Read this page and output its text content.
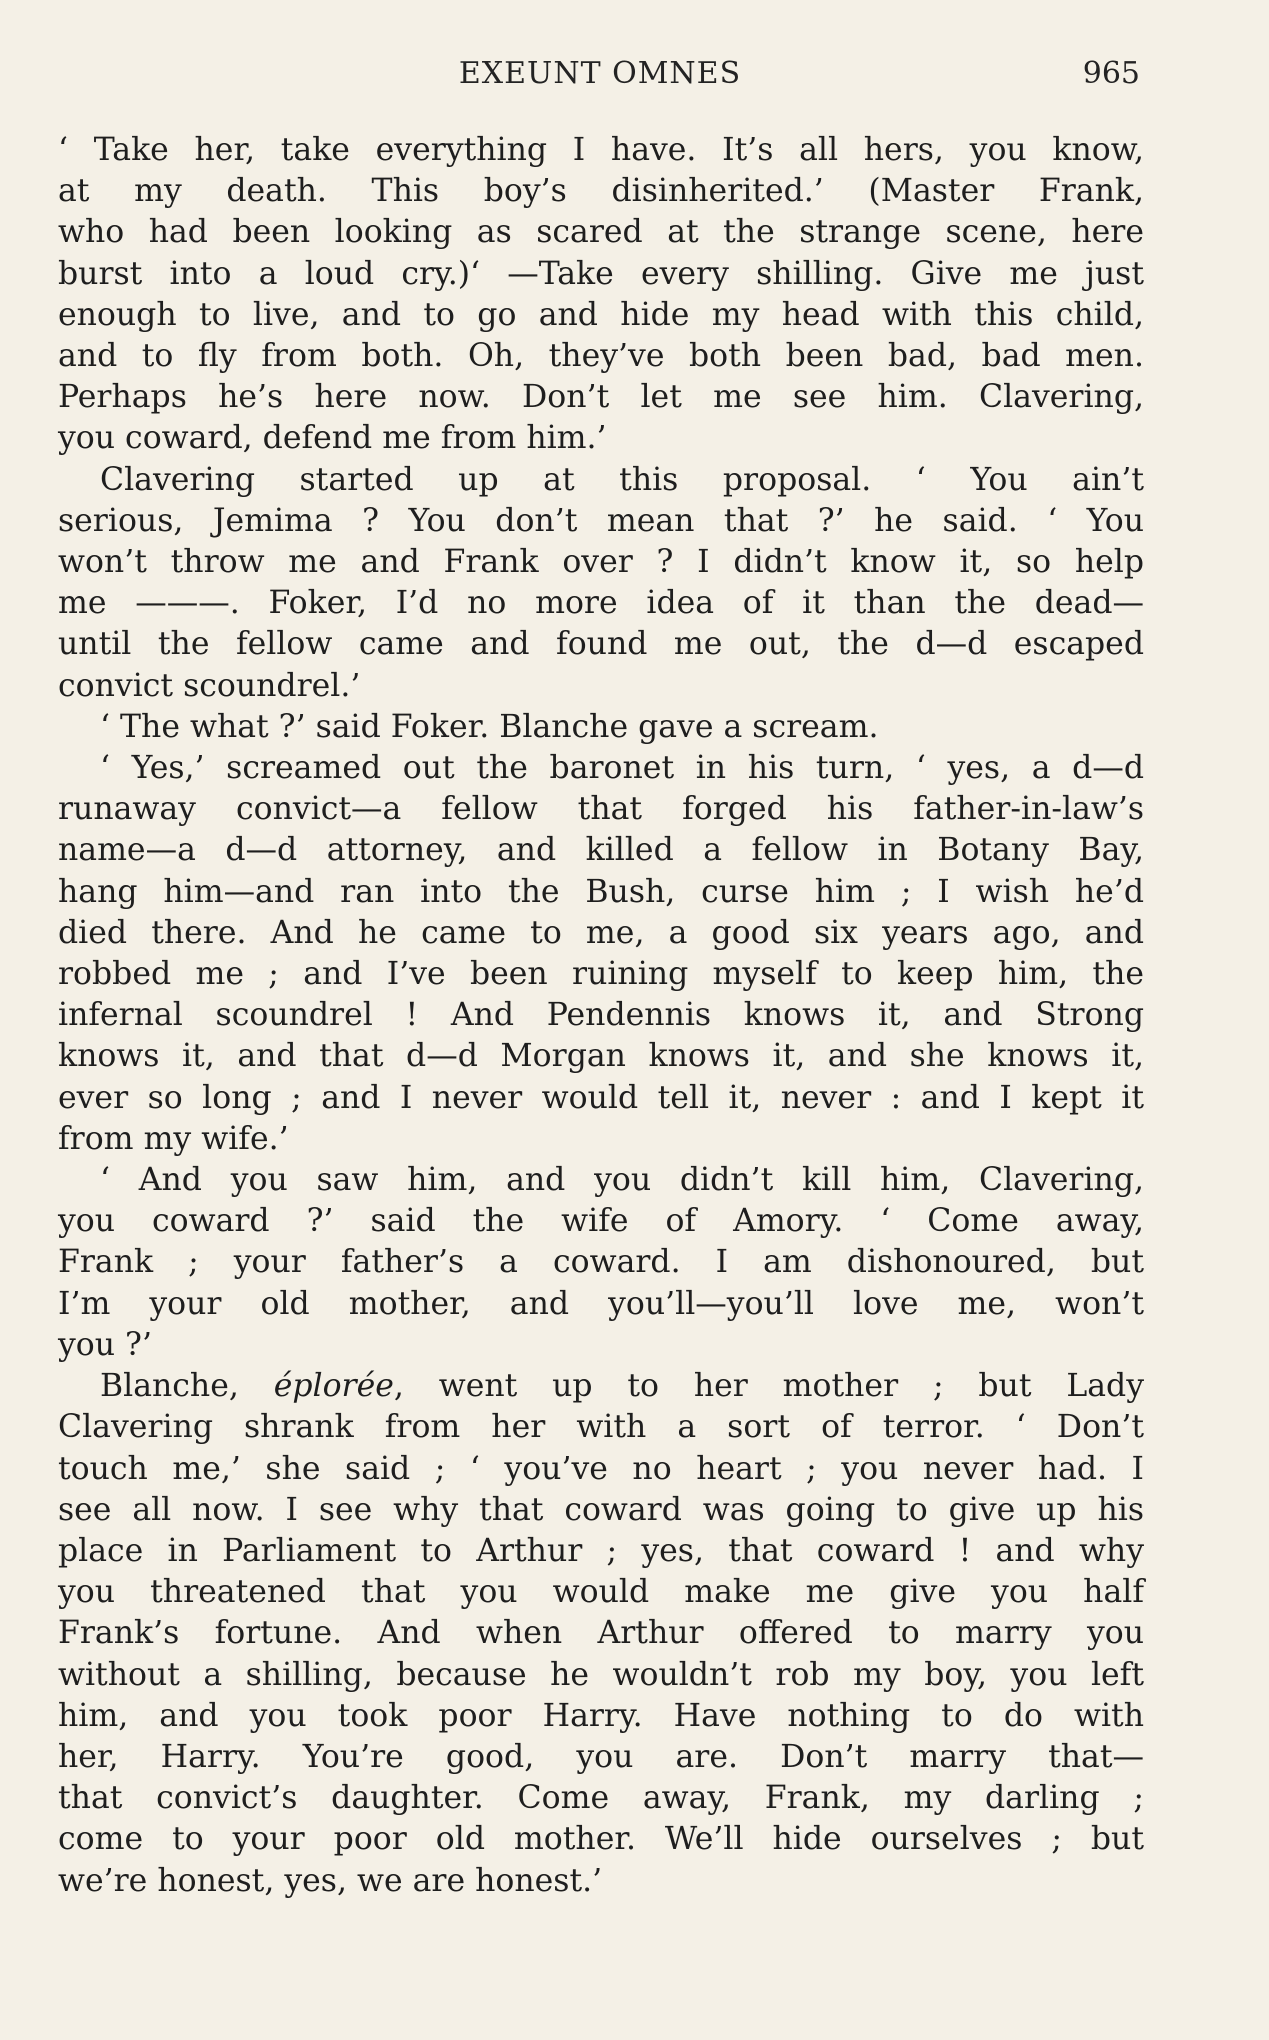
EXEUNT OMNES	965
‘ Take her, take everything I have. It’s all hers, you know,
at my death. This boy’s disinherited.’ (Master Frank,
who had been looking as scared at the strange scene, here
burst into a loud cry.)‘ —Take every shilling. Give me just
enough to live, and to go and hide my head with this child,
and to fly from both. Oh, they’ve both been bad, bad men.
Perhaps he’s here now. Don’t let me see him. Clavering,
you coward, defend me from him.’
Clavering started up at this proposal. ‘ You ain’t
serious, Jemima ? You don’t mean that ?’ he said. ‘ You
won’t throw me and Frank over ? I didn’t know it, so help
me ———. Foker, I’d no more idea of it than the dead—
until the fellow came and found me out, the d—d escaped
convict scoundrel.’
‘ The what ?’ said Foker. Blanche gave a scream.
‘ Yes,’ screamed out the baronet in his turn, ‘ yes, a d—d
runaway convict—a fellow that forged his father-in-law’s
name—a d—d attorney, and killed a fellow in Botany Bay,
hang him—and ran into the Bush, curse him ; I wish he’d
died there. And he came to me, a good six years ago, and
robbed me ; and I’ve been ruining myself to keep him, the
infernal scoundrel ! And Pendennis knows it, and Strong
knows it, and that d—d Morgan knows it, and she knows it,
ever so long ; and I never would tell it, never : and I kept it
from my wife.’
‘ And you saw him, and you didn’t kill him, Clavering,
you coward ?’ said the wife of Amory. ‘ Come away,
Frank ; your father’s a coward. I am dishonoured, but
I’m your old mother, and you’ll—you’ll love me, won’t
you ?’
Blanche, éplorée, went up to her mother ; but Lady
Clavering shrank from her with a sort of terror. ‘ Don’t
touch me,’ she said ; ‘ you’ve no heart ; you never had. I
see all now. I see why that coward was going to give up his
place in Parliament to Arthur ; yes, that coward ! and why
you threatened that you would make me give you half
Frank’s fortune. And when Arthur offered to marry you
without a shilling, because he wouldn’t rob my boy, you left
him, and you took poor Harry. Have nothing to do with
her, Harry. You’re good, you are. Don’t marry that—
that convict’s daughter. Come away, Frank, my darling ;
come to your poor old mother. We’ll hide ourselves ; but
we’re honest, yes, we are honest.’
